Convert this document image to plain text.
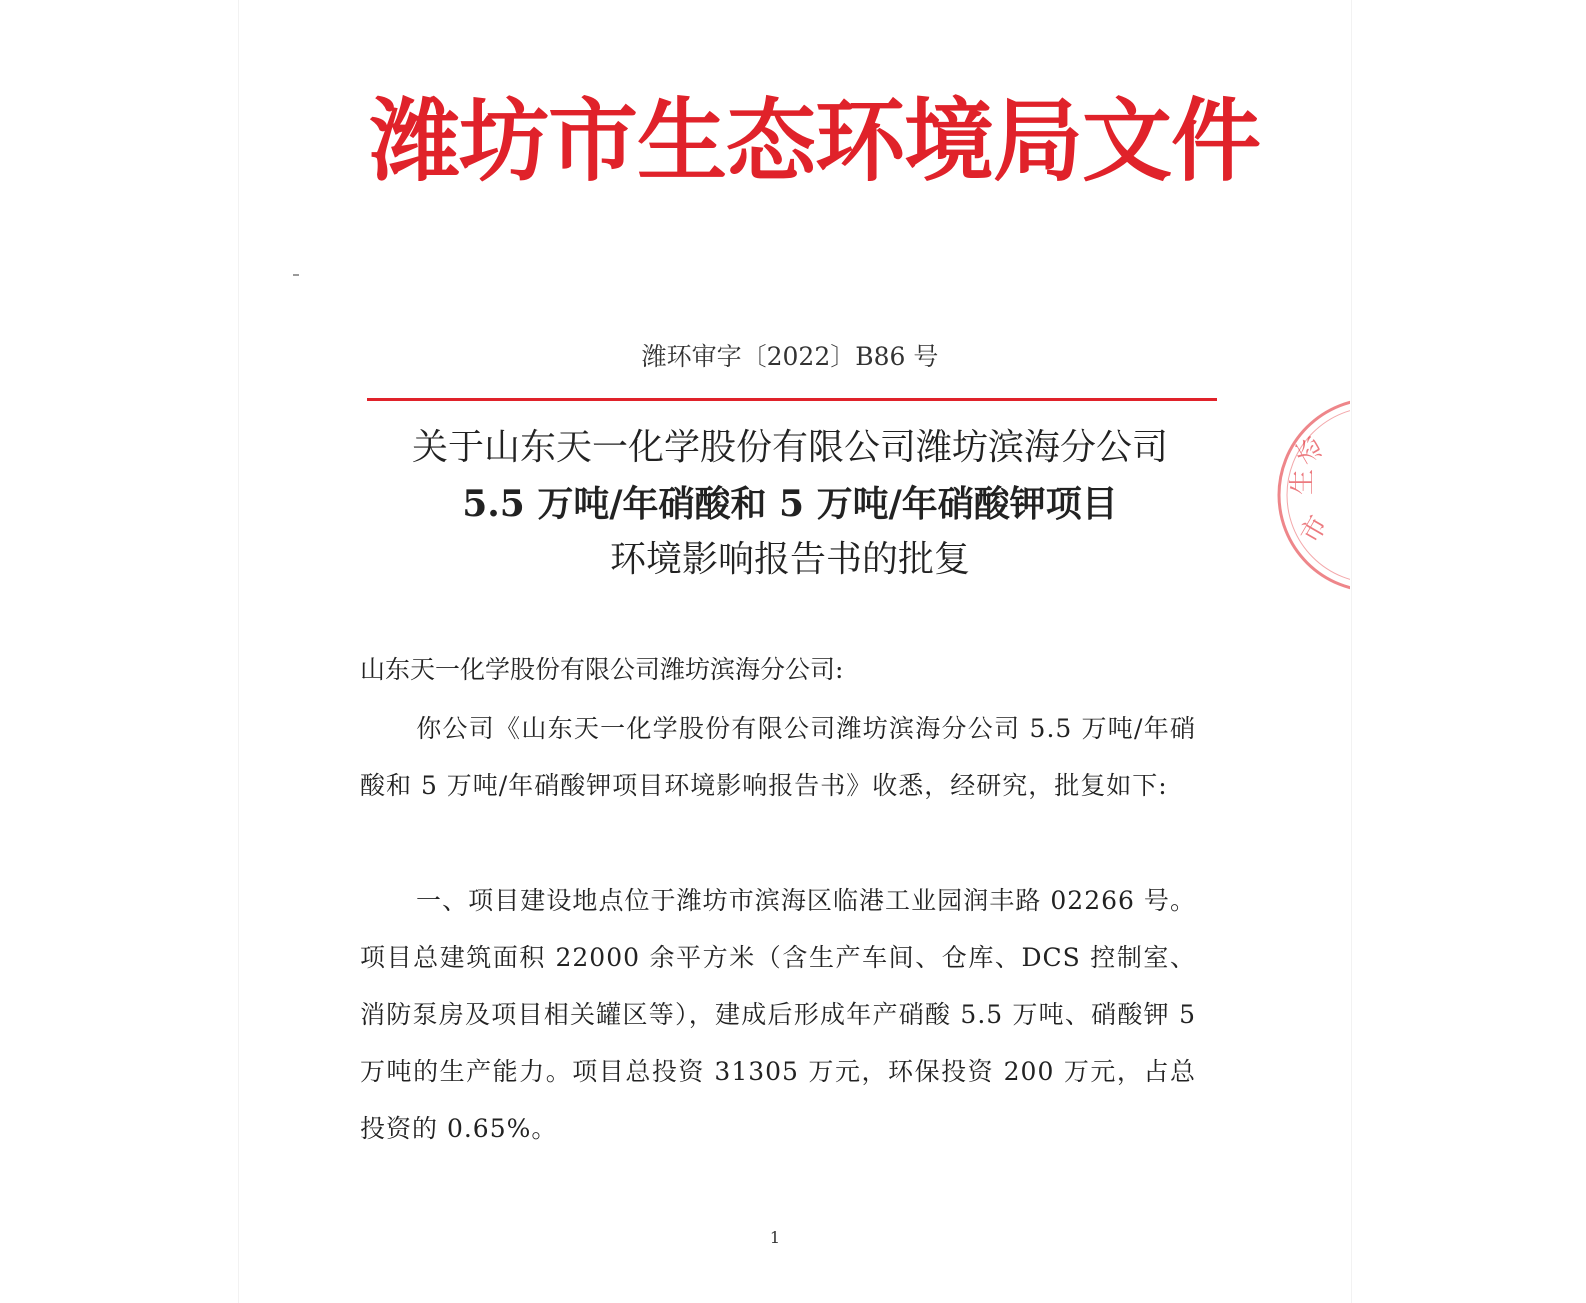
潍坊市生态环境局文件
潍环审字〔2022〕B86 号
关于山东天一化学股份有限公司潍坊滨海分公司
5.5 万吨/年硝酸和 5 万吨/年硝酸钾项目
环境影响报告书的批复
山东天一化学股份有限公司潍坊滨海分公司:
你公司《山东天一化学股份有限公司潍坊滨海分公司 5.5 万吨/年硝酸和 5 万吨/年硝酸钾项目环境影响报告书》收悉，经研究，批复如下:
一、项目建设地点位于潍坊市滨海区临港工业园润丰路 02266 号。项目总建筑面积 22000 余平方米（含生产车间、仓库、DCS 控制室、消防泵房及项目相关罐区等），建成后形成年产硝酸 5.5 万吨、硝酸钾 5 万吨的生产能力。项目总投资 31305 万元，环保投资 200 万元，占总投资的 0.65%。
市
生
态
1
